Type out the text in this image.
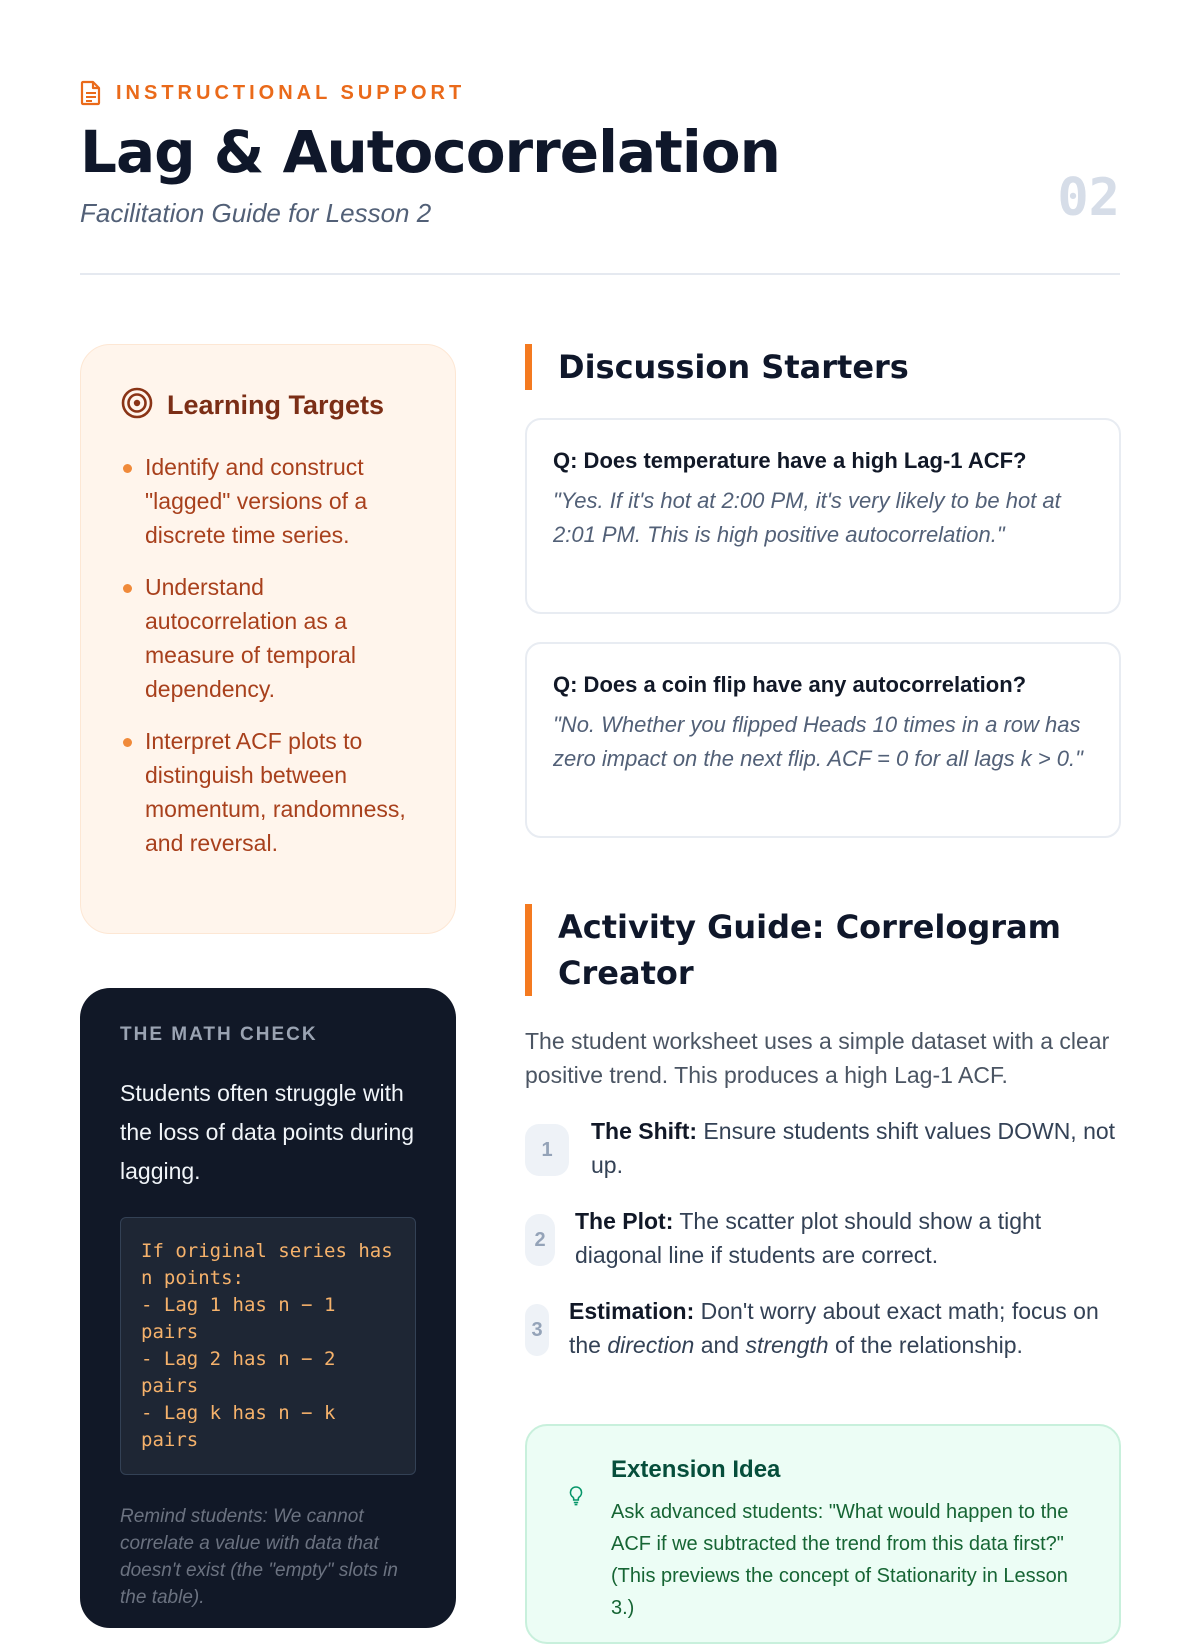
INSTRUCTIONAL SUPPORT
Lag & Autocorrelation
Facilitation Guide for Lesson 2	02
Learning Targets
Identify and construct "lagged" versions of a discrete time series.
Understand autocorrelation as a measure of temporal dependency.
Interpret ACF plots to distinguish between momentum, randomness, and reversal.
THE MATH CHECK
Students often struggle with the loss of data points during lagging.
If original series has n points:
- Lag 1 has n − 1 pairs
- Lag 2 has n − 2 pairs
- Lag k has n − k pairs
Remind students: We cannot correlate a value with data that doesn't exist (the "empty" slots in the table).
Discussion Starters
Q: Does temperature have a high Lag-1 ACF?
"Yes. If it's hot at 2:00 PM, it's very likely to be hot at 2:01 PM. This is high positive autocorrelation."
Q: Does a coin flip have any autocorrelation?
"No. Whether you flipped Heads 10 times in a row has zero impact on the next flip. ACF = 0 for all lags k > 0."
Activity Guide: Correlogram Creator
The student worksheet uses a simple dataset with a clear positive trend. This produces a high Lag-1 ACF.
1
The Shift: Ensure students shift values DOWN, not up.
2
The Plot: The scatter plot should show a tight diagonal line if students are correct.
3
Estimation: Don't worry about exact math; focus on the direction and strength of the relationship.
Extension Idea
Ask advanced students: "What would happen to the ACF if we subtracted the trend from this data first?" (This previews the concept of Stationarity in Lesson 3.)
